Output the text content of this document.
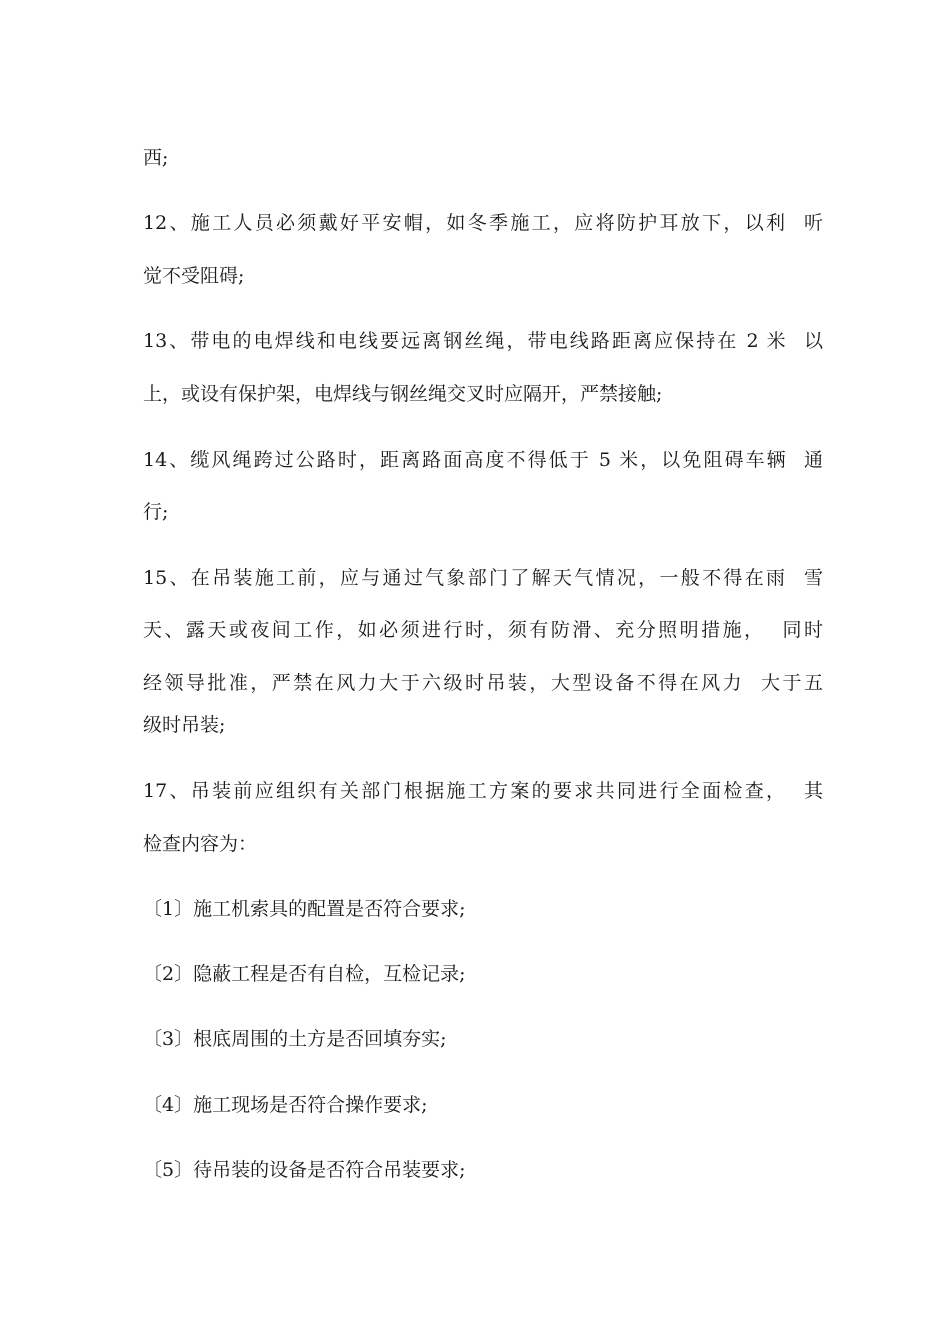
西;
12、施工人员必须戴好平安帽，如冬季施工，应将防护耳放下，以利  听
觉不受阻碍;
13、带电的电焊线和电线要远离钢丝绳，带电线路距离应保持在 2 米  以
上，或设有保护架，电焊线与钢丝绳交叉时应隔开，严禁接触;
14、缆风绳跨过公路时，距离路面高度不得低于 5 米，以免阻碍车辆  通
行;
15、在吊装施工前，应与通过气象部门了解天气情况，一般不得在雨  雪
天、露天或夜间工作，如必须进行时，须有防滑、充分照明措施，  同时
经领导批准，严禁在风力大于六级时吊装，大型设备不得在风力  大于五
级时吊装;
17、吊装前应组织有关部门根据施工方案的要求共同进行全面检查，  其
检查内容为：
〔1〕施工机索具的配置是否符合要求;
〔2〕隐蔽工程是否有自检，互检记录;
〔3〕根底周围的土方是否回填夯实;
〔4〕施工现场是否符合操作要求;
〔5〕待吊装的设备是否符合吊装要求;
